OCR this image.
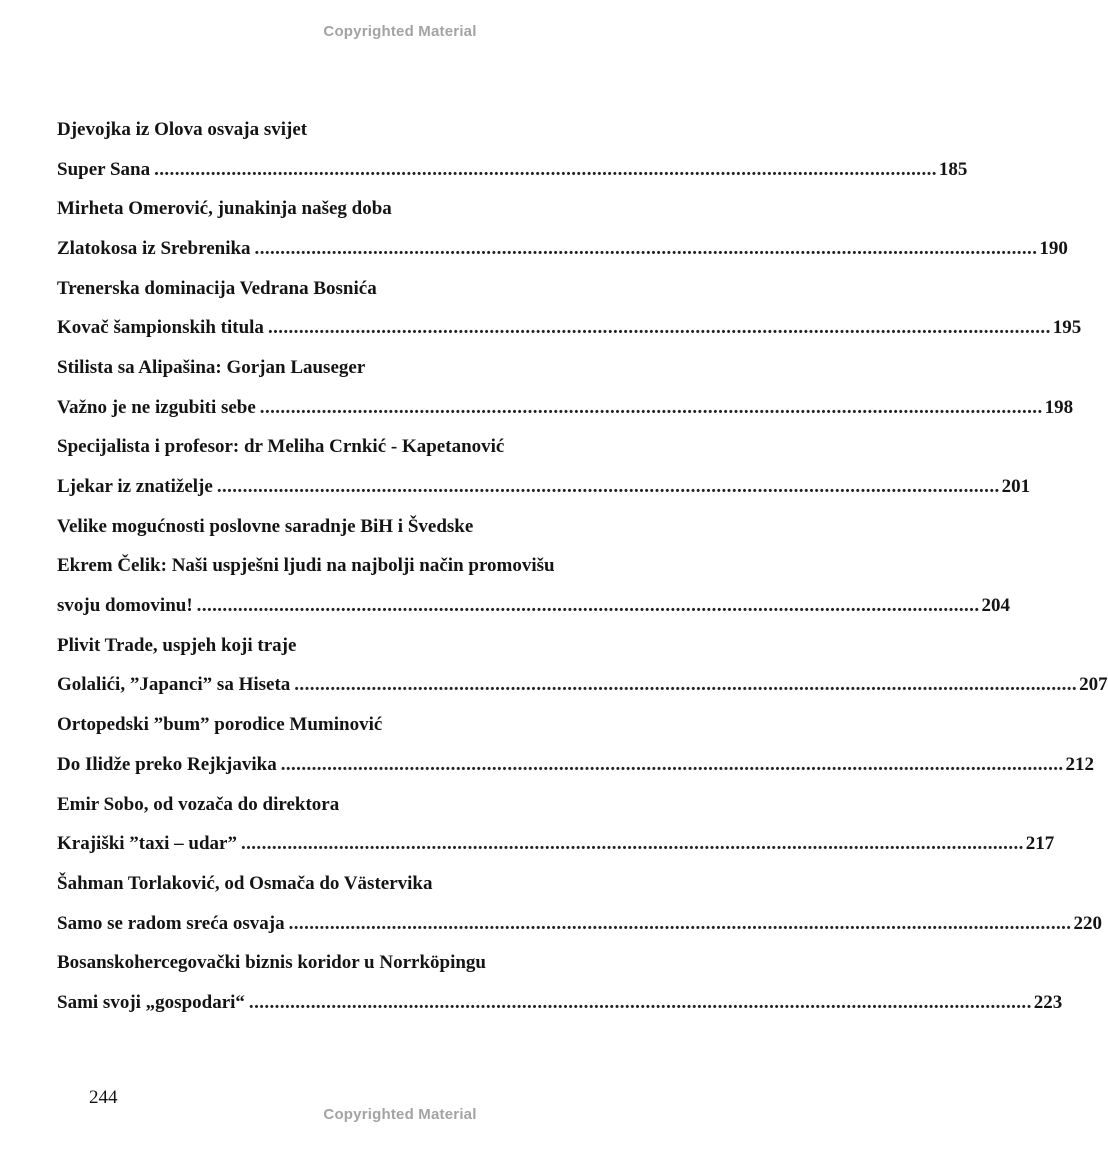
Copyrighted Material
Djevojka iz Olova osvaja svijet
Super Sana ........................................................................................................................................................ 185
Mirheta Omerović, junakinja našeg doba
Zlatokosa iz Srebrenika ........................................................................................................................................................ 190
Trenerska dominacija Vedrana Bosnića
Kovač šampionskih titula ........................................................................................................................................................ 195
Stilista sa Alipašina: Gorjan Lauseger
Važno je ne izgubiti sebe ........................................................................................................................................................ 198
Specijalista i profesor: dr Meliha Crnkić - Kapetanović
Ljekar iz znatiželje ........................................................................................................................................................ 201
Velike mogućnosti poslovne saradnje BiH i Švedske
Ekrem Čelik: Naši uspješni ljudi na najbolji način promovišu
svoju domovinu! ........................................................................................................................................................ 204
Plivit Trade, uspjeh koji traje
Golalići, ”Japanci” sa Hiseta ........................................................................................................................................................ 207
Ortopedski ”bum” porodice Muminović
Do Ilidže preko Rejkjavika ........................................................................................................................................................ 212
Emir Sobo, od vozača do direktora
Krajiški ”taxi – udar” ........................................................................................................................................................ 217
Šahman Torlaković, od Osmača do Västervika
Samo se radom sreća osvaja ........................................................................................................................................................ 220
Bosanskohercegovački biznis koridor u Norrköpingu
Sami svoji „gospodari“ ........................................................................................................................................................ 223
244
Copyrighted Material
